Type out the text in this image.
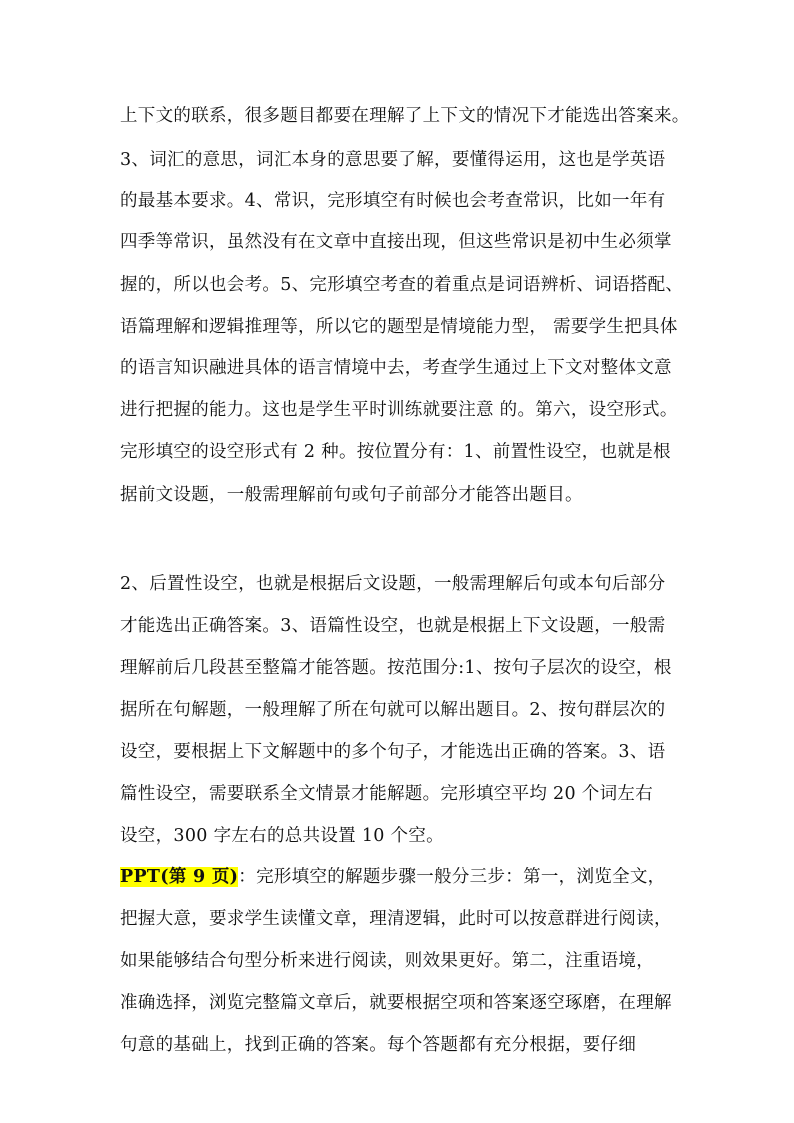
上下文的联系，很多题目都要在理解了上下文的情况下才能选出答案来。
3、词汇的意思，词汇本身的意思要了解，要懂得运用，这也是学英语
的最基本要求。4、常识，完形填空有时候也会考查常识，比如一年有
四季等常识，虽然没有在文章中直接出现，但这些常识是初中生必须掌
握的，所以也会考。5、完形填空考查的着重点是词语辨析、词语搭配、
语篇理解和逻辑推理等，所以它的题型是情境能力型， 需要学生把具体
的语言知识融进具体的语言情境中去，考查学生通过上下文对整体文意
进行把握的能力。这也是学生平时训练就要注意 的。第六，设空形式。
完形填空的设空形式有 2 种。按位置分有：1、前置性设空，也就是根
据前文设题，一般需理解前句或句子前部分才能答出题目。
2、后置性设空，也就是根据后文设题，一般需理解后句或本句后部分
才能选出正确答案。3、语篇性设空，也就是根据上下文设题，一般需
理解前后几段甚至整篇才能答题。按范围分:1、按句子层次的设空，根
据所在句解题，一般理解了所在句就可以解出题目。2、按句群层次的
设空，要根据上下文解题中的多个句子，才能选出正确的答案。3、语
篇性设空，需要联系全文情景才能解题。完形填空平均 20 个词左右
设空，300 字左右的总共设置 10 个空。
PPT(第 9 页)：完形填空的解题步骤一般分三步：第一，浏览全文，
把握大意，要求学生读懂文章，理清逻辑，此时可以按意群进行阅读，
如果能够结合句型分析来进行阅读，则效果更好。第二，注重语境，
准确选择，浏览完整篇文章后，就要根据空项和答案逐空琢磨，在理解
句意的基础上，找到正确的答案。每个答题都有充分根据，要仔细
